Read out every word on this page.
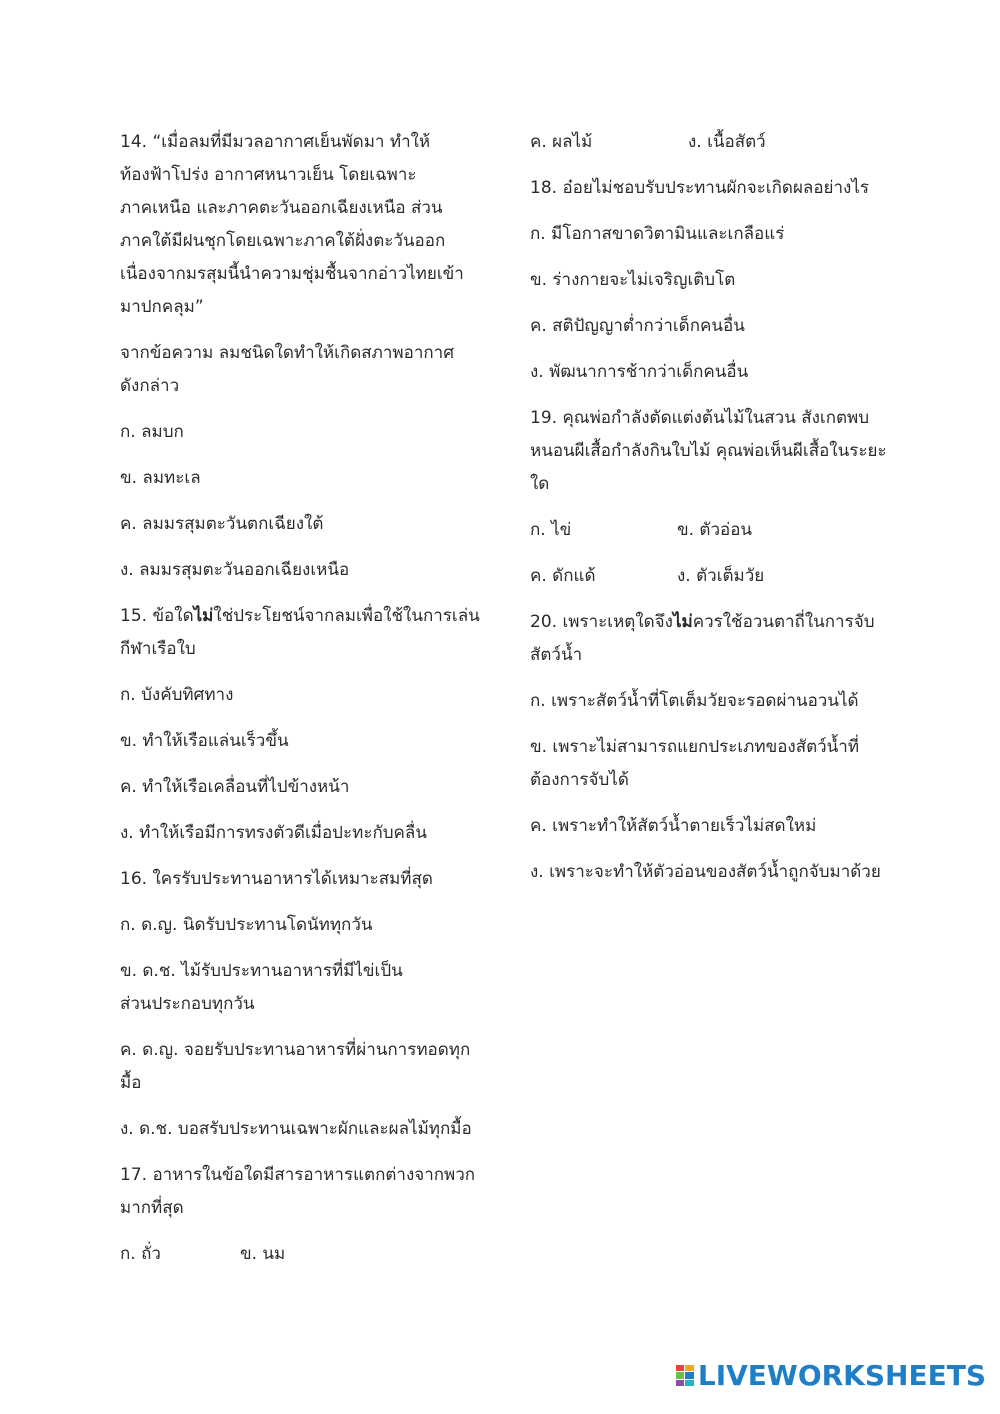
14. “เมื่อลมที่มีมวลอากาศเย็นพัดมา ทำให้
ท้องฟ้าโปร่ง อากาศหนาวเย็น โดยเฉพาะ
ภาคเหนือ และภาคตะวันออกเฉียงเหนือ ส่วน
ภาคใต้มีฝนชุกโดยเฉพาะภาคใต้ฝั่งตะวันออก
เนื่องจากมรสุมนี้นำความชุ่มชื้นจากอ่าวไทยเข้า
มาปกคลุม”
จากข้อความ ลมชนิดใดทำให้เกิดสภาพอากาศ
ดังกล่าว
ก. ลมบก
ข. ลมทะเล
ค. ลมมรสุมตะวันตกเฉียงใต้
ง. ลมมรสุมตะวันออกเฉียงเหนือ
15. ข้อใดไม่ใช่ประโยชน์จากลมเพื่อใช้ในการเล่น
กีฬาเรือใบ
ก. บังคับทิศทาง
ข. ทำให้เรือแล่นเร็วขึ้น
ค. ทำให้เรือเคลื่อนที่ไปข้างหน้า
ง. ทำให้เรือมีการทรงตัวดีเมื่อปะทะกับคลื่น
16. ใครรับประทานอาหารได้เหมาะสมที่สุด
ก. ด.ญ. นิดรับประทานโดนัททุกวัน
ข. ด.ช. ไม้รับประทานอาหารที่มีไข่เป็น
ส่วนประกอบทุกวัน
ค. ด.ญ. จอยรับประทานอาหารที่ผ่านการทอดทุก
มื้อ
ง. ด.ช. บอสรับประทานเฉพาะผักและผลไม้ทุกมื้อ
17. อาหารในข้อใดมีสารอาหารแตกต่างจากพวก
มากที่สุด
ก. ถั่ว	ข. นม
ค. ผลไม้	ง. เนื้อสัตว์
18. อ๋อยไม่ชอบรับประทานผักจะเกิดผลอย่างไร
ก. มีโอกาสขาดวิตามินและเกลือแร่
ข. ร่างกายจะไม่เจริญเติบโต
ค. สติปัญญาต่ำกว่าเด็กคนอื่น
ง. พัฒนาการช้ากว่าเด็กคนอื่น
19. คุณพ่อกำลังตัดแต่งต้นไม้ในสวน สังเกตพบ
หนอนผีเสื้อกำลังกินใบไม้ คุณพ่อเห็นผีเสื้อในระยะ
ใด
ก. ไข่	ข. ตัวอ่อน
ค. ดักแด้	ง. ตัวเต็มวัย
20. เพราะเหตุใดจึงไม่ควรใช้อวนตาถี่ในการจับ
สัตว์น้ำ
ก. เพราะสัตว์น้ำที่โตเต็มวัยจะรอดผ่านอวนได้
ข. เพราะไม่สามารถแยกประเภทของสัตว์น้ำที่
ต้องการจับได้
ค. เพราะทำให้สัตว์น้ำตายเร็วไม่สดใหม่
ง. เพราะจะทำให้ตัวอ่อนของสัตว์น้ำถูกจับมาด้วย
LIVEWORKSHEETS
